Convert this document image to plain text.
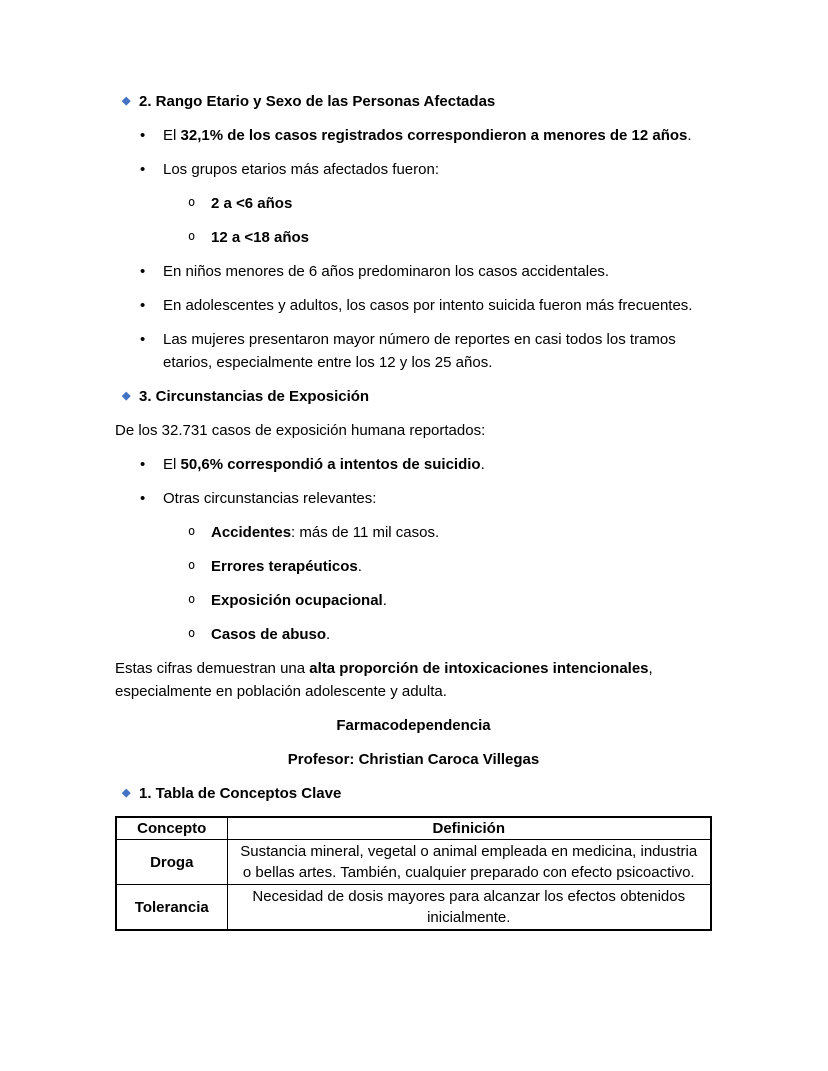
◆ 2. Rango Etario y Sexo de las Personas Afectadas
• El 32,1% de los casos registrados correspondieron a menores de 12 años.
• Los grupos etarios más afectados fueron:
o 2 a <6 años
o 12 a <18 años
• En niños menores de 6 años predominaron los casos accidentales.
• En adolescentes y adultos, los casos por intento suicida fueron más frecuentes.
• Las mujeres presentaron mayor número de reportes en casi todos los tramos etarios, especialmente entre los 12 y los 25 años.
◆ 3. Circunstancias de Exposición

De los 32.731 casos de exposición humana reportados:

• El 50,6% correspondió a intentos de suicidio.
• Otras circunstancias relevantes:
o Accidentes: más de 11 mil casos.
o Errores terapéuticos.
o Exposición ocupacional.
o Casos de abuso.

Estas cifras demuestran una alta proporción de intoxicaciones intencionales, especialmente en población adolescente y adulta.

Farmacodependencia

Profesor: Christian Caroca Villegas

◆ 1. Tabla de Conceptos Clave
Concepto	Definición
Droga	Sustancia mineral, vegetal o animal empleada en medicina, industria o bellas artes. También, cualquier preparado con efecto psicoactivo.
Tolerancia	Necesidad de dosis mayores para alcanzar los efectos obtenidos inicialmente.
